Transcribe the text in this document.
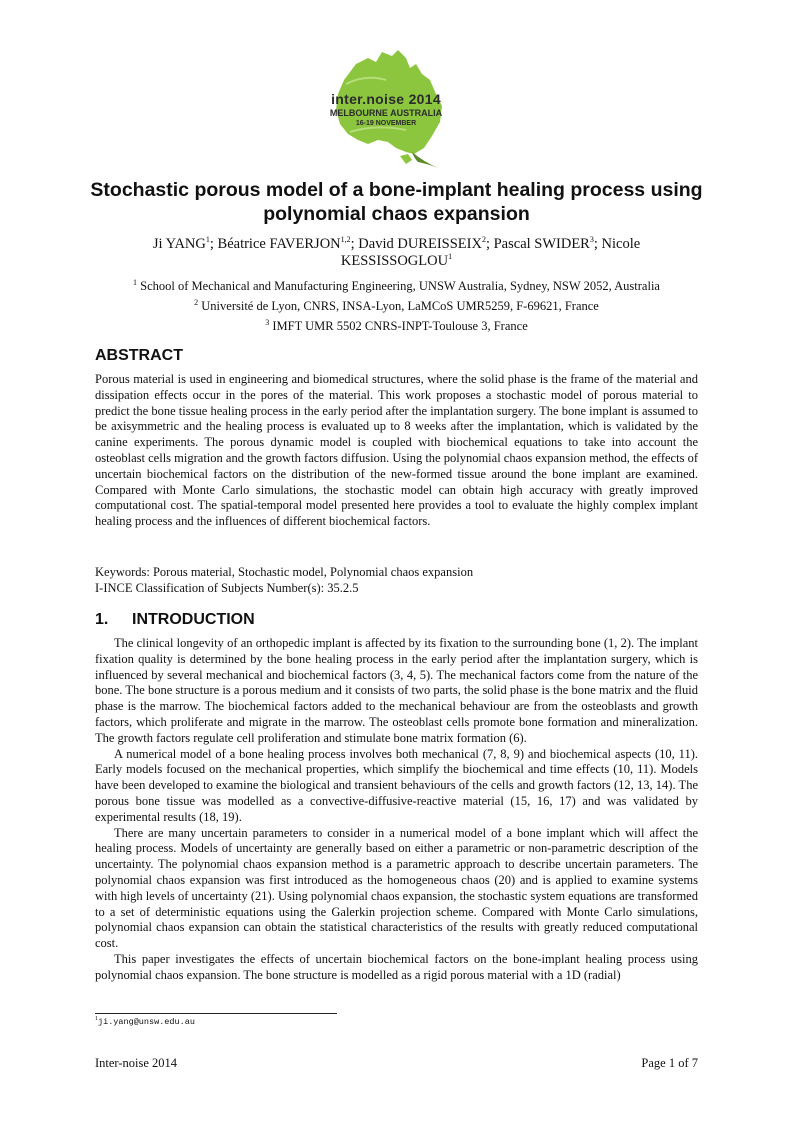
inter.noise 2014
MELBOURNE AUSTRALIA
16-19 NOVEMBER
Stochastic porous model of a bone-implant healing process using
polynomial chaos expansion
Ji YANG$^1$; Béatrice FAVERJON$^{1,2}$; David DUREISSEIX$^2$; Pascal SWIDER$^3$; Nicole
KESSISSOGLOU$^1$
$^1$ School of Mechanical and Manufacturing Engineering, UNSW Australia, Sydney, NSW 2052, Australia
$^2$ Université de Lyon, CNRS, INSA-Lyon, LaMCoS UMR5259, F-69621, France
$^3$ IMFT UMR 5502 CNRS-INPT-Toulouse 3, France
ABSTRACT
Porous material is used in engineering and biomedical structures, where the solid phase is the frame of the material and dissipation effects occur in the pores of the material. This work proposes a stochastic model of porous material to predict the bone tissue healing process in the early period after the implantation surgery. The bone implant is assumed to be axisymmetric and the healing process is evaluated up to 8 weeks after the implantation, which is validated by the canine experiments. The porous dynamic model is coupled with biochemical equations to take into account the osteoblast cells migration and the growth factors diffusion. Using the polynomial chaos expansion method, the effects of uncertain biochemical factors on the distribution of the new-formed tissue around the bone implant are examined. Compared with Monte Carlo simulations, the stochastic model can obtain high accuracy with greatly improved computational cost. The spatial-temporal model presented here provides a tool to evaluate the highly complex implant healing process and the influences of different biochemical factors.
Keywords: Porous material, Stochastic model, Polynomial chaos expansion
I-INCE Classification of Subjects Number(s): 35.2.5
1. INTRODUCTION

The clinical longevity of an orthopedic implant is affected by its fixation to the surrounding bone (1, 2). The implant fixation quality is determined by the bone healing process in the early period after the implantation surgery, which is influenced by several mechanical and biochemical factors (3, 4, 5). The mechanical factors come from the nature of the bone. The bone structure is a porous medium and it consists of two parts, the solid phase is the bone matrix and the fluid phase is the marrow. The biochemical factors added to the mechanical behaviour are from the osteoblasts and growth factors, which proliferate and migrate in the marrow. The osteoblast cells promote bone formation and mineralization. The growth factors regulate cell proliferation and stimulate bone matrix formation (6).

A numerical model of a bone healing process involves both mechanical (7, 8, 9) and biochemical aspects (10, 11). Early models focused on the mechanical properties, which simplify the biochemical and time effects (10, 11). Models have been developed to examine the biological and transient behaviours of the cells and growth factors (12, 13, 14). The porous bone tissue was modelled as a convective-diffusive-reactive material (15, 16, 17) and was validated by experimental results (18, 19).

There are many uncertain parameters to consider in a numerical model of a bone implant which will affect the healing process. Models of uncertainty are generally based on either a parametric or non-parametric description of the uncertainty. The polynomial chaos expansion method is a parametric approach to describe uncertain parameters. The polynomial chaos expansion was first introduced as the homogeneous chaos (20) and is applied to examine systems with high levels of uncertainty (21). Using polynomial chaos expansion, the stochastic system equations are transformed to a set of deterministic equations using the Galerkin projection scheme. Compared with Monte Carlo simulations, polynomial chaos expansion can obtain the statistical characteristics of the results with greatly reduced computational cost.

This paper investigates the effects of uncertain biochemical factors on the bone-implant healing process using polynomial chaos expansion. The bone structure is modelled as a rigid porous material with a 1D (radial)

$^1$ji.yang@unsw.edu.au
Inter-noise 2014	Page 1 of 7
